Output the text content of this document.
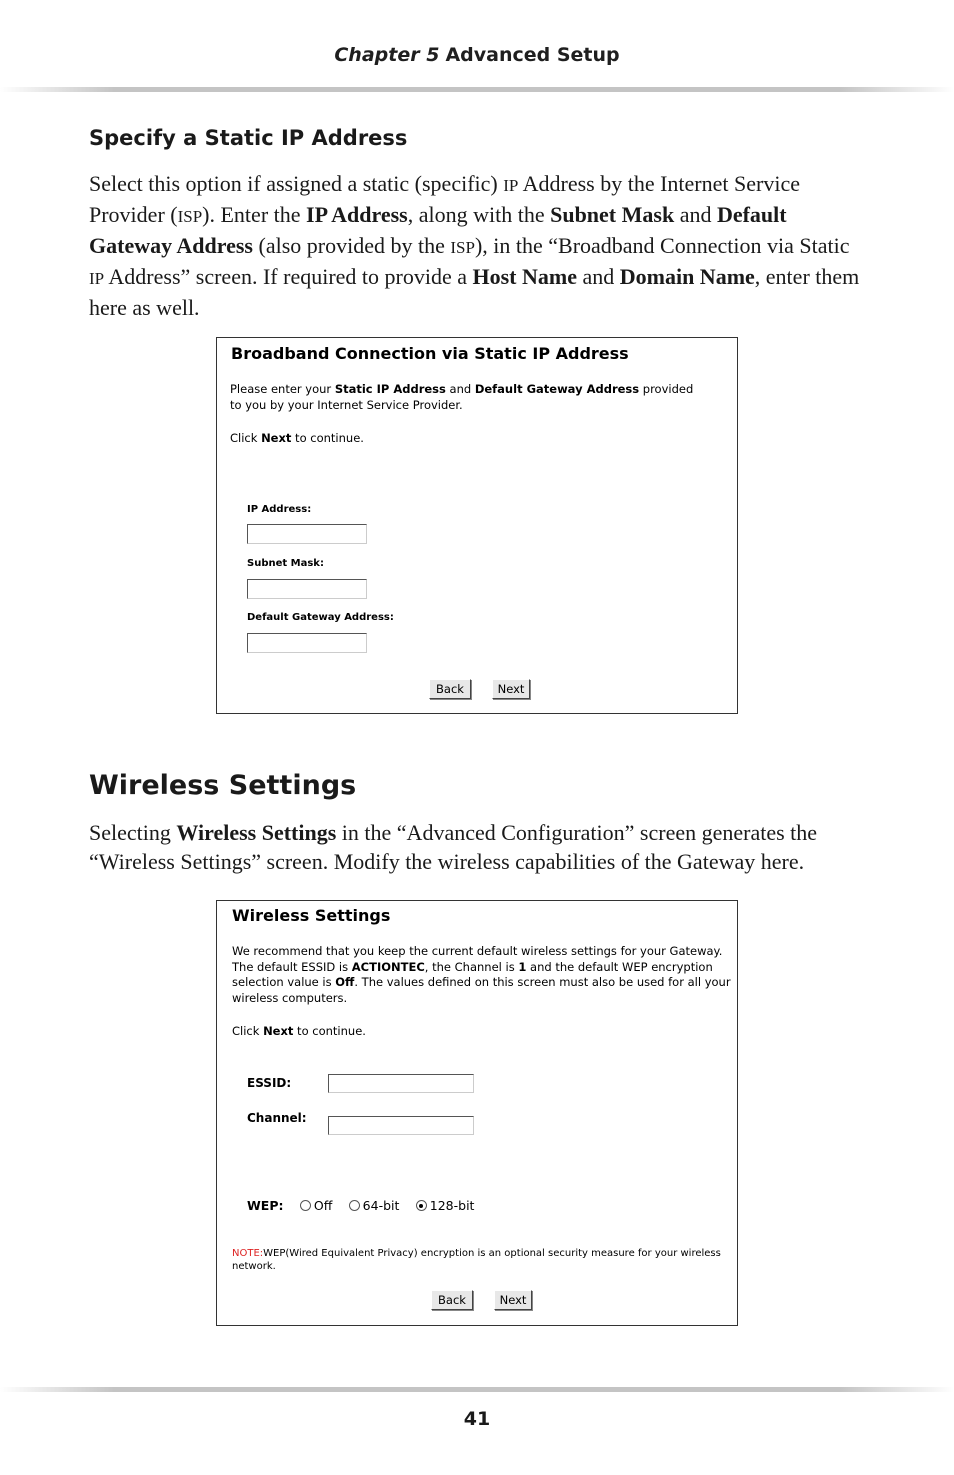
Chapter 5 Advanced Setup
Specify a Static IP Address

Select this option if assigned a static (specific) IP Address by the Internet Service Provider (ISP). Enter the IP Address, along with the Subnet Mask and Default Gateway Address (also provided by the ISP), in the “Broadband Connection via Static IP Address” screen. If required to provide a Host Name and Domain Name, enter them here as well.

Broadband Connection via Static IP Address
Please enter your Static IP Address and Default Gateway Address provided to you by your Internet Service Provider.
Click Next to continue.
IP Address:
Subnet Mask:
Default Gateway Address:
Back	Next
Wireless Settings

Selecting Wireless Settings in the “Advanced Configuration” screen generates the “Wireless Settings” screen. Modify the wireless capabilities of the Gateway here.

Wireless Settings
We recommend that you keep the current default wireless settings for your Gateway. The default ESSID is ACTIONTEC, the Channel is 1 and the default WEP encryption selection value is Off. The values defined on this screen must also be used for all your wireless computers.
Click Next to continue.
ESSID:
Channel:
WEP: Off 64-bit 128-bit
NOTE:WEP(Wired Equivalent Privacy) encryption is an optional security measure for your wireless network.
Back	Next
41
